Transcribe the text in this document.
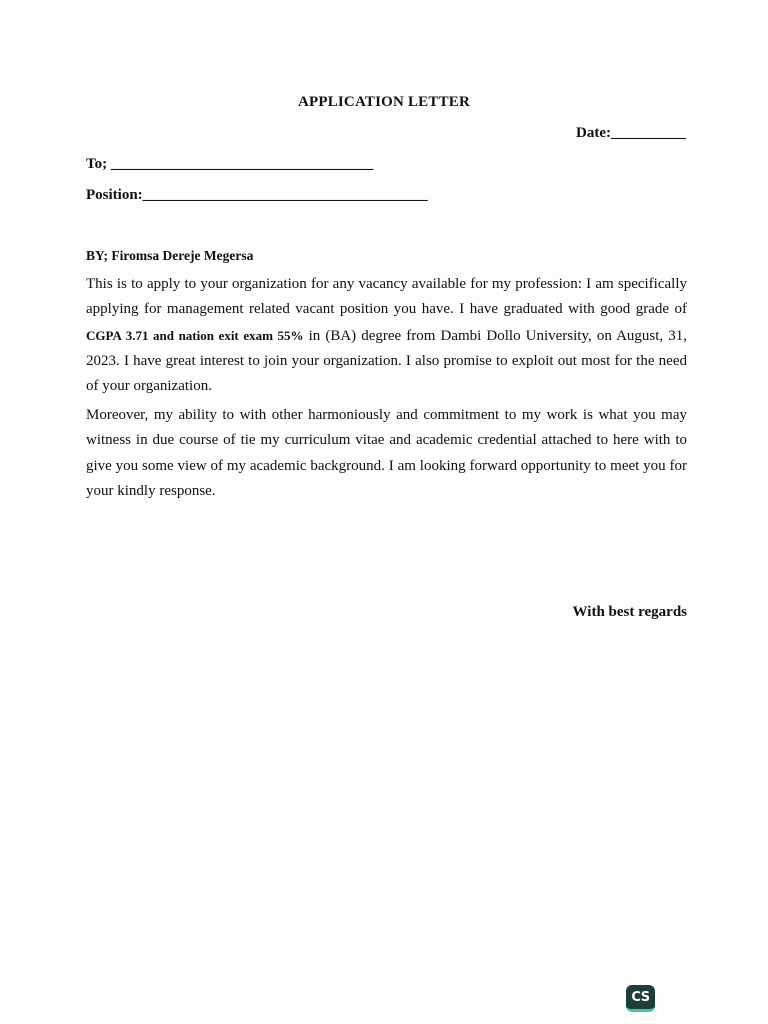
APPLICATION LETTER
Date:__________
To; ___________________________________
Position:______________________________________
BY; Firomsa Dereje Megersa
This is to apply to your organization for any vacancy available for my profession: I am specifically applying for management related vacant position you have. I have graduated with good grade of CGPA 3.71 and nation exit exam 55% in (BA) degree from Dambi Dollo University, on August, 31, 2023. I have great interest to join your organization. I also promise to exploit out most for the need of your organization.
Moreover, my ability to with other harmoniously and commitment to my work is what you may witness in due course of tie my curriculum vitae and academic credential attached to here with to give you some view of my academic background. I am looking forward opportunity to meet you for your kindly response.
With best regards
CS
